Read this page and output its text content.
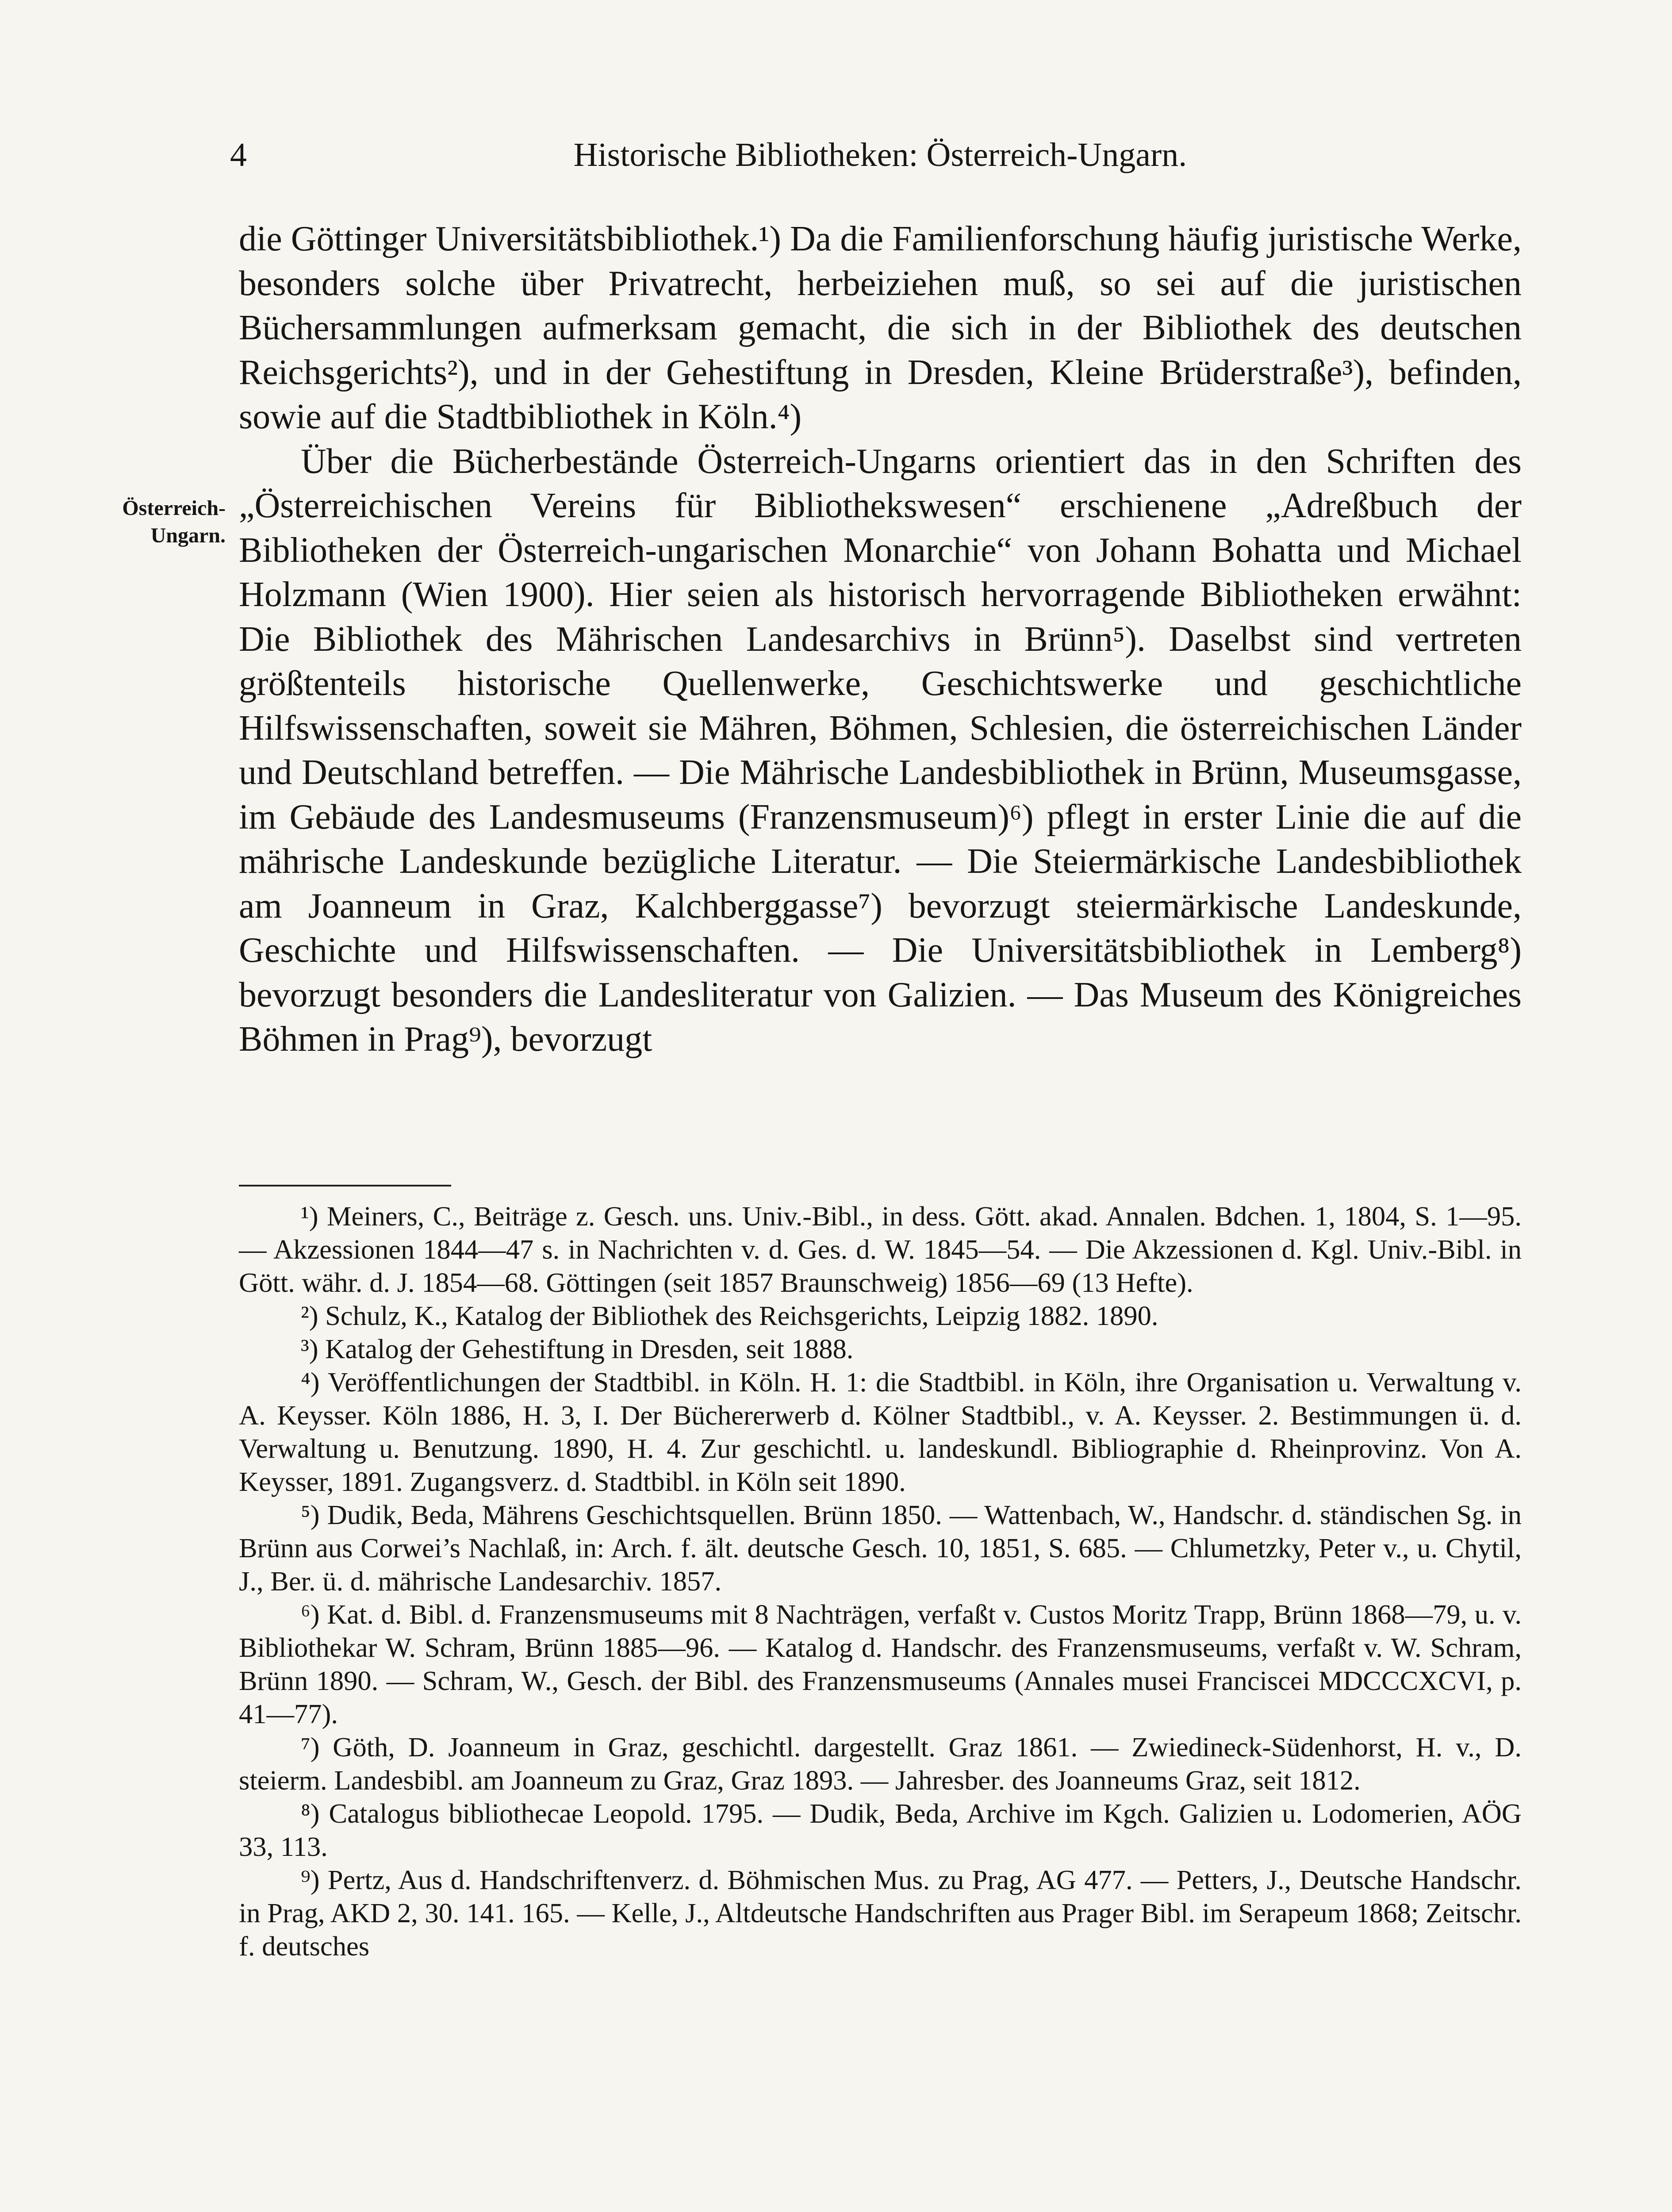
4	Historische Bibliotheken: Österreich-Ungarn.
Österreich-
Ungarn.

die Göttinger Universitätsbibliothek.¹) Da die Familienforschung häufig juristische Werke, besonders solche über Privatrecht, herbeiziehen muß, so sei auf die juristischen Büchersammlungen aufmerksam gemacht, die sich in der Bibliothek des deutschen Reichsgerichts²), und in der Gehestiftung in Dresden, Kleine Brüderstraße³), befinden, sowie auf die Stadtbibliothek in Köln.⁴)

Über die Bücherbestände Österreich-Ungarns orientiert das in den Schriften des „Österreichischen Vereins für Bibliothekswesen“ erschienene „Adreßbuch der Bibliotheken der Österreich-ungarischen Monarchie“ von Johann Bohatta und Michael Holzmann (Wien 1900). Hier seien als historisch hervorragende Bibliotheken erwähnt: Die Bibliothek des Mährischen Landesarchivs in Brünn⁵). Daselbst sind vertreten größtenteils historische Quellenwerke, Geschichtswerke und geschichtliche Hilfswissenschaften, soweit sie Mähren, Böhmen, Schlesien, die österreichischen Länder und Deutschland betreffen. — Die Mährische Landesbibliothek in Brünn, Museumsgasse, im Gebäude des Landesmuseums (Franzensmuseum)⁶) pflegt in erster Linie die auf die mährische Landeskunde bezügliche Literatur. — Die Steiermärkische Landesbibliothek am Joanneum in Graz, Kalchberggasse⁷) bevorzugt steiermärkische Landeskunde, Geschichte und Hilfswissenschaften. — Die Universitätsbibliothek in Lemberg⁸) bevorzugt besonders die Landesliteratur von Galizien. — Das Museum des Königreiches Böhmen in Prag⁹), bevorzugt

¹) Meiners, C., Beiträge z. Gesch. uns. Univ.-Bibl., in dess. Gött. akad. Annalen. Bdchen. 1, 1804, S. 1—95. — Akzessionen 1844—47 s. in Nachrichten v. d. Ges. d. W. 1845—54. — Die Akzessionen d. Kgl. Univ.-Bibl. in Gött. währ. d. J. 1854—68. Göttingen (seit 1857 Braunschweig) 1856—69 (13 Hefte).

²) Schulz, K., Katalog der Bibliothek des Reichsgerichts, Leipzig 1882. 1890.

³) Katalog der Gehestiftung in Dresden, seit 1888.

⁴) Veröffentlichungen der Stadtbibl. in Köln. H. 1: die Stadtbibl. in Köln, ihre Organisation u. Verwaltung v. A. Keysser. Köln 1886, H. 3, I. Der Büchererwerb d. Kölner Stadtbibl., v. A. Keysser. 2. Bestimmungen ü. d. Verwaltung u. Benutzung. 1890, H. 4. Zur geschichtl. u. landeskundl. Bibliographie d. Rheinprovinz. Von A. Keysser, 1891. Zugangsverz. d. Stadtbibl. in Köln seit 1890.

⁵) Dudik, Beda, Mährens Geschichtsquellen. Brünn 1850. — Wattenbach, W., Handschr. d. ständischen Sg. in Brünn aus Corwei’s Nachlaß, in: Arch. f. ält. deutsche Gesch. 10, 1851, S. 685. — Chlumetzky, Peter v., u. Chytil, J., Ber. ü. d. mährische Landesarchiv. 1857.

⁶) Kat. d. Bibl. d. Franzensmuseums mit 8 Nachträgen, verfaßt v. Custos Moritz Trapp, Brünn 1868—79, u. v. Bibliothekar W. Schram, Brünn 1885—96. — Katalog d. Handschr. des Franzensmuseums, verfaßt v. W. Schram, Brünn 1890. — Schram, W., Gesch. der Bibl. des Franzensmuseums (Annales musei Franciscei MDCCCXCVI, p. 41—77).

⁷) Göth, D. Joanneum in Graz, geschichtl. dargestellt. Graz 1861. — Zwiedineck-Südenhorst, H. v., D. steierm. Landesbibl. am Joanneum zu Graz, Graz 1893. — Jahresber. des Joanneums Graz, seit 1812.

⁸) Catalogus bibliothecae Leopold. 1795. — Dudik, Beda, Archive im Kgch. Galizien u. Lodomerien, AÖG 33, 113.

⁹) Pertz, Aus d. Handschriftenverz. d. Böhmischen Mus. zu Prag, AG 477. — Petters, J., Deutsche Handschr. in Prag, AKD 2, 30. 141. 165. — Kelle, J., Altdeutsche Handschriften aus Prager Bibl. im Serapeum 1868; Zeitschr. f. deutsches
